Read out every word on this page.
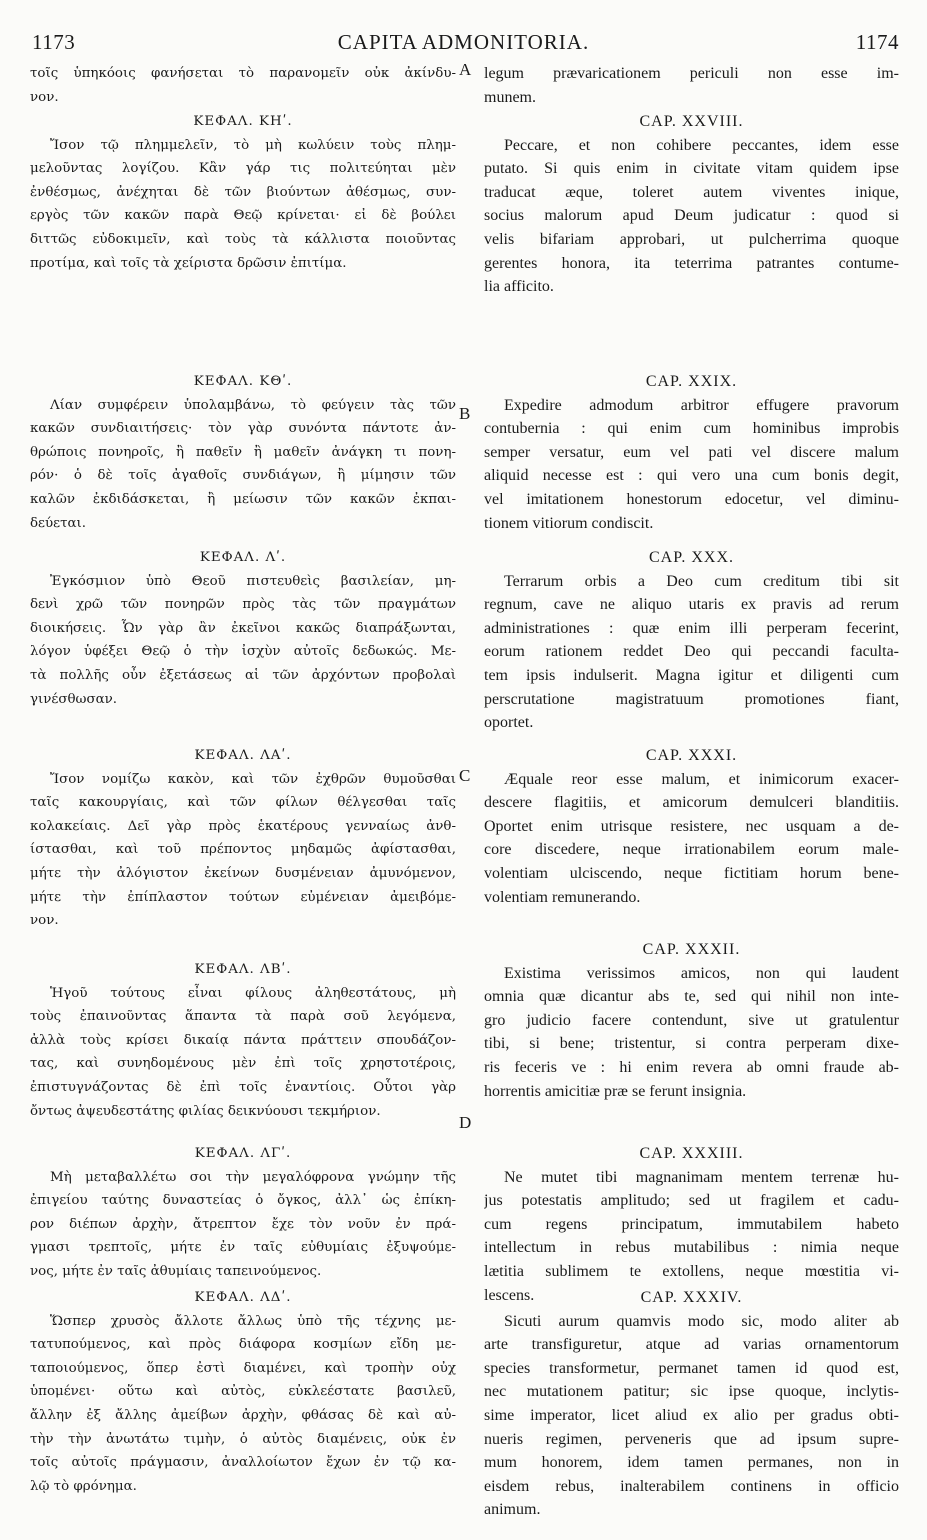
1173	CAPITA ADMONITORIA.	1174
τοῖς ὑπηκόοις φανήσεται τὸ παρανομεῖν οὐκ ἀκίνδυ-
νον.
ΚΕΦΑΛ. ΚΗʹ.
Ἴσον τῷ πλημμελεῖν, τὸ μὴ κωλύειν τοὺς πλημ-
μελοῦντας λογίζου. Κἂν γάρ τις πολιτεύηται μὲν
ἐνθέσμως, ἀνέχηται δὲ τῶν βιούντων ἀθέσμως, συν-
εργὸς τῶν κακῶν παρὰ Θεῷ κρίνεται· εἰ δὲ βούλει
διττῶς εὐδοκιμεῖν, καὶ τοὺς τὰ κάλλιστα ποιοῦντας
προτίμα, καὶ τοῖς τὰ χείριστα δρῶσιν ἐπιτίμα.
ΚΕΦΑΛ. ΚΘʹ.
Λίαν συμφέρειν ὑπολαμβάνω, τὸ φεύγειν τὰς τῶν
κακῶν συνδιαιτήσεις· τὸν γὰρ συνόντα πάντοτε ἀν-
θρώποις πονηροῖς, ἢ παθεῖν ἢ μαθεῖν ἀνάγκη τι πονη-
ρόν· ὁ δὲ τοῖς ἀγαθοῖς συνδιάγων, ἢ μίμησιν τῶν
καλῶν ἐκδιδάσκεται, ἢ μείωσιν τῶν κακῶν ἐκπαι-
δεύεται.
ΚΕΦΑΛ. Λʹ.
Ἐγκόσμιον ὑπὸ Θεοῦ πιστευθεὶς βασιλείαν, μη-
δενὶ χρῶ τῶν πονηρῶν πρὸς τὰς τῶν πραγμάτων
διοικήσεις. Ὧν γὰρ ἂν ἐκεῖνοι κακῶς διαπράξωνται,
λόγον ὑφέξει Θεῷ ὁ τὴν ἰσχὺν αὐτοῖς δεδωκώς. Με-
τὰ πολλῆς οὖν ἐξετάσεως αἱ τῶν ἀρχόντων προβολαὶ
γινέσθωσαν.
ΚΕΦΑΛ. ΛΑʹ.
Ἴσον νομίζω κακὸν, καὶ τῶν ἐχθρῶν θυμοῦσθαι
ταῖς κακουργίαις, καὶ τῶν φίλων θέλγεσθαι ταῖς
κολακείαις. Δεῖ γὰρ πρὸς ἑκατέρους γενναίως ἀνθ-
ίστασθαι, καὶ τοῦ πρέποντος μηδαμῶς ἀφίστασθαι,
μήτε τὴν ἀλόγιστον ἐκείνων δυσμένειαν ἀμυνόμενον,
μήτε τὴν ἐπίπλαστον τούτων εὐμένειαν ἀμειβόμε-
νον.
ΚΕΦΑΛ. ΛΒʹ.
Ἡγοῦ τούτους εἶναι φίλους ἀληθεστάτους, μὴ
τοὺς ἐπαινοῦντας ἅπαντα τὰ παρὰ σοῦ λεγόμενα,
ἀλλὰ τοὺς κρίσει δικαίᾳ πάντα πράττειν σπουδάζον-
τας, καὶ συνηδομένους μὲν ἐπὶ τοῖς χρηστοτέροις,
ἐπιστυγνάζοντας δὲ ἐπὶ τοῖς ἐναντίοις. Οὗτοι γὰρ
ὄντως ἀψευδεστάτης φιλίας δεικνύουσι τεκμήριον.
ΚΕΦΑΛ. ΛΓʹ.
Μὴ μεταβαλλέτω σοι τὴν μεγαλόφρονα γνώμην τῆς
ἐπιγείου ταύτης δυναστείας ὁ ὄγκος, ἀλλ᾿ ὡς ἐπίκη-
ρον διέπων ἀρχὴν, ἄτρεπτον ἔχε τὸν νοῦν ἐν πρά-
γμασι τρεπτοῖς, μήτε ἐν ταῖς εὐθυμίαις ἐξυψούμε-
νος, μήτε ἐν ταῖς ἀθυμίαις ταπεινούμενος.
ΚΕΦΑΛ. ΛΔʹ.
Ὥσπερ χρυσὸς ἄλλοτε ἄλλως ὑπὸ τῆς τέχνης με-
τατυπούμενος, καὶ πρὸς διάφορα κοσμίων εἴδη με-
ταποιούμενος, ὅπερ ἐστὶ διαμένει, καὶ τροπὴν οὐχ
ὑπομένει· οὕτω καὶ αὐτὸς, εὐκλεέστατε βασιλεῦ,
ἄλλην ἐξ ἄλλης ἀμείβων ἀρχὴν, φθάσας δὲ καὶ αὐ-
τὴν τὴν ἀνωτάτω τιμὴν, ὁ αὐτὸς διαμένεις, οὐκ ἐν
τοῖς αὐτοῖς πράγμασιν, ἀναλλοίωτον ἔχων ἐν τῷ κα-
λῷ τὸ φρόνημα.
legum prævaricationem periculi non esse im-
munem.
CAP. XXVIII.
Peccare, et non cohibere peccantes, idem esse
putato. Si quis enim in civitate vitam quidem ipse
traducat æque, toleret autem viventes inique,
socius malorum apud Deum judicatur : quod si
velis bifariam approbari, ut pulcherrima quoque
gerentes honora, ita teterrima patrantes contume-
lia afficito.
CAP. XXIX.
Expedire admodum arbitror effugere pravorum
contubernia : qui enim cum hominibus improbis
semper versatur, eum vel pati vel discere malum
aliquid necesse est : qui vero una cum bonis degit,
vel imitationem honestorum edocetur, vel diminu-
tionem vitiorum condiscit.
CAP. XXX.
Terrarum orbis a Deo cum creditum tibi sit
regnum, cave ne aliquo utaris ex pravis ad rerum
administrationes : quæ enim illi perperam fecerint,
eorum rationem reddet Deo qui peccandi faculta-
tem ipsis indulserit. Magna igitur et diligenti cum
perscrutatione magistratuum promotiones fiant,
oportet.
CAP. XXXI.
Æquale reor esse malum, et inimicorum exacer-
descere flagitiis, et amicorum demulceri blanditiis.
Oportet enim utrisque resistere, nec usquam a de-
core discedere, neque irrationabilem eorum male-
volentiam ulciscendo, neque fictitiam horum bene-
volentiam remunerando.
CAP. XXXII.
Existima verissimos amicos, non qui laudent
omnia quæ dicantur abs te, sed qui nihil non inte-
gro judicio facere contendunt, sive ut gratulentur
tibi, si bene; tristentur, si contra perperam dixe-
ris feceris ve : hi enim revera ab omni fraude ab-
horrentis amicitiæ præ se ferunt insignia.
CAP. XXXIII.
Ne mutet tibi magnanimam mentem terrenæ hu-
jus potestatis amplitudo; sed ut fragilem et cadu-
cum regens principatum, immutabilem habeto
intellectum in rebus mutabilibus : nimia neque
lætitia sublimem te extollens, neque mœstitia vi-
lescens.	CAP. XXXIV.
Sicuti aurum quamvis modo sic, modo aliter ab
arte transfiguretur, atque ad varias ornamentorum
species transformetur, permanet tamen id quod est,
nec mutationem patitur; sic ipse quoque, inclytis-
sime imperator, licet aliud ex alio per gradus obti-
nueris regimen, perveneris que ad ipsum supre-
mum honorem, idem tamen permanes, non in
eisdem rebus, inalterabilem continens in officio
animum.
A
B
C
D
